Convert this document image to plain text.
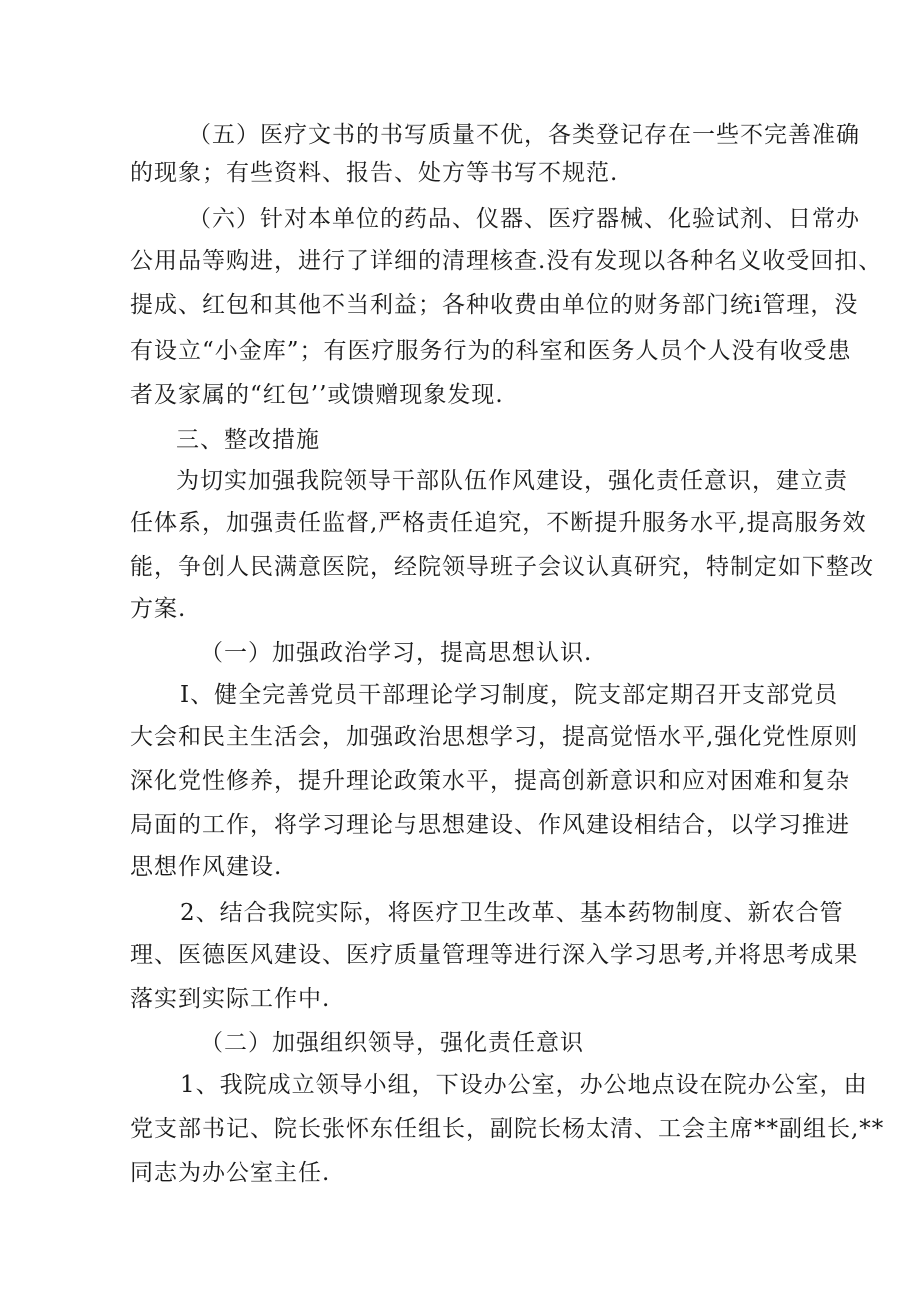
（五）医疗文书的书写质量不优，各类登记存在一些不完善准确

的现象；有些资料、报告、处方等书写不规范.

（六）针对本单位的药品、仪器、医疗器械、化验试剂、日常办

公用品等购进，进行了详细的清理核查.没有发现以各种名义收受回扣、

提成、红包和其他不当利益；各种收费由单位的财务部门统i管理，没

有设立“小金库”；有医疗服务行为的科室和医务人员个人没有收受患

者及家属的“红包’’或馈赠现象发现.

三、整改措施

为切实加强我院领导干部队伍作风建设，强化责任意识，建立责

任体系，加强责任监督,严格责任追究，不断提升服务水平,提高服务效

能，争创人民满意医院，经院领导班子会议认真研究，特制定如下整改

方案.

（一）加强政治学习，提高思想认识.

I、健全完善党员干部理论学习制度，院支部定期召开支部党员

大会和民主生活会，加强政治思想学习，提高觉悟水平,强化党性原则

深化党性修养，提升理论政策水平，提高创新意识和应对困难和复杂

局面的工作，将学习理论与思想建设、作风建设相结合，以学习推进

思想作风建设.

2、结合我院实际，将医疗卫生改革、基本药物制度、新农合管

理、医德医风建设、医疗质量管理等进行深入学习思考,并将思考成果

落实到实际工作中.

（二）加强组织领导，强化责任意识

1、我院成立领导小组，下设办公室，办公地点设在院办公室，由

党支部书记、院长张怀东任组长，副院长杨太清、工会主席**副组长,**

同志为办公室主任.
